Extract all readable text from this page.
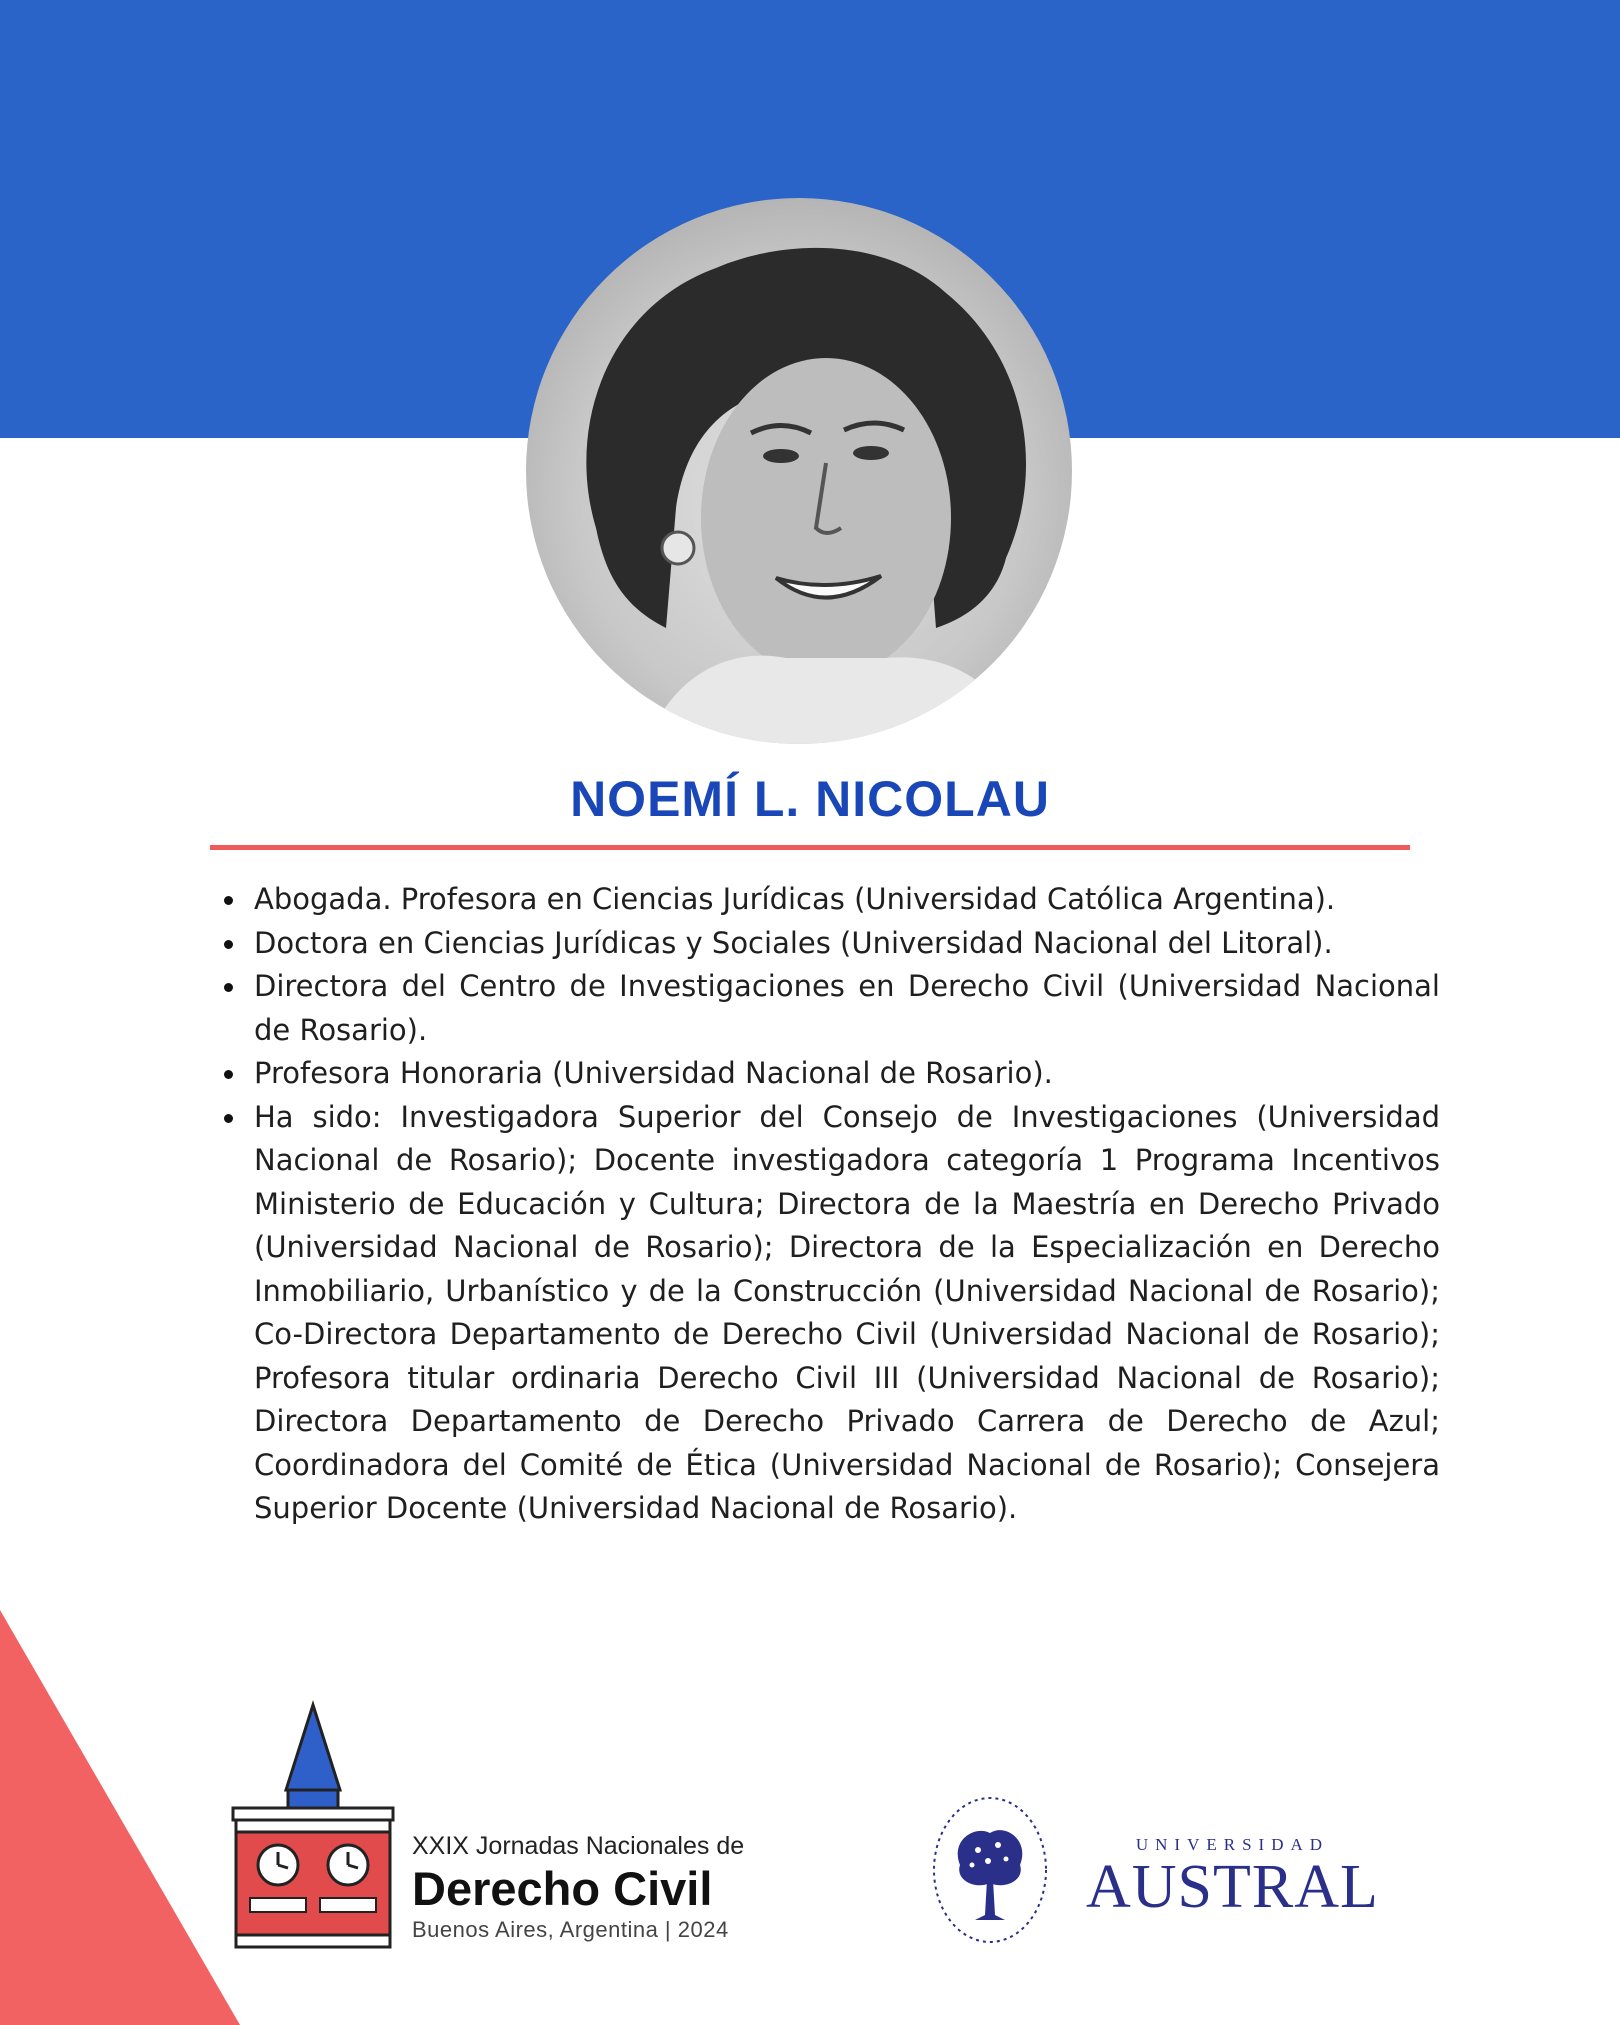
NOEMÍ L. NICOLAU
Abogada. Profesora en Ciencias Jurídicas (Universidad Católica Argentina).
Doctora en Ciencias Jurídicas y Sociales (Universidad Nacional del Litoral).
Directora del Centro de Investigaciones en Derecho Civil (Universidad Nacional de Rosario).
Profesora Honoraria (Universidad Nacional de Rosario).
Ha sido: Investigadora Superior del Consejo de Investigaciones (Universidad Nacional de Rosario); Docente investigadora categoría 1 Programa Incentivos Ministerio de Educación y Cultura; Directora de la Maestría en Derecho Privado (Universidad Nacional de Rosario); Directora de la Especialización en Derecho Inmobiliario, Urbanístico y de la Construcción (Universidad Nacional de Rosario); Co-Directora Departamento de Derecho Civil (Universidad Nacional de Rosario); Profesora titular ordinaria Derecho Civil III (Universidad Nacional de Rosario); Directora Departamento de Derecho Privado Carrera de Derecho de Azul; Coordinadora del Comité de Ética (Universidad Nacional de Rosario); Consejera Superior Docente (Universidad Nacional de Rosario).
XXIX Jornadas Nacionales de
Derecho Civil
Buenos Aires, Argentina | 2024
UNIVERSIDAD
AUSTRAL
